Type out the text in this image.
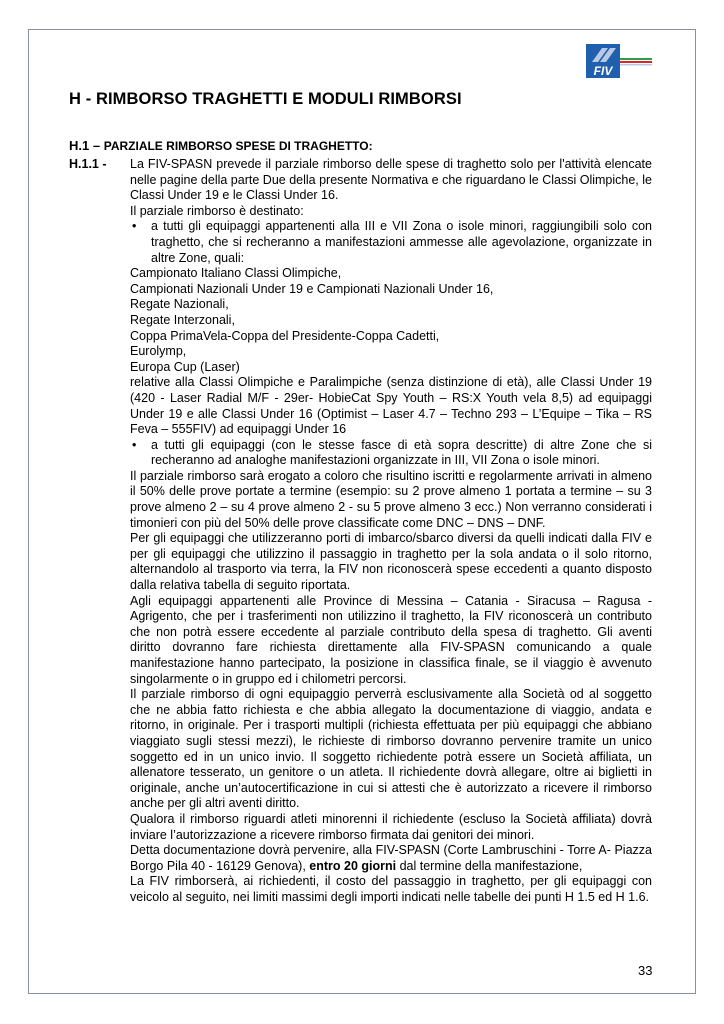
FIV
H - RIMBORSO TRAGHETTI E MODULI RIMBORSI
H.1 – PARZIALE RIMBORSO SPESE DI TRAGHETTO:
H.1.1 - La FIV-SPASN prevede il parziale rimborso delle spese di traghetto solo per l'attività elencate nelle pagine della parte Due della presente Normativa e che riguardano le Classi Olimpiche, le Classi Under 19 e le Classi Under 16.

Il parziale rimborso è destinato:

• a tutti gli equipaggi appartenenti alla III e VII Zona o isole minori, raggiungibili solo con traghetto, che si recheranno a manifestazioni ammesse alle agevolazione, organizzate in altre Zone, quali:

Campionato Italiano Classi Olimpiche,

Campionati Nazionali Under 19 e Campionati Nazionali Under 16,

Regate Nazionali,

Regate Interzonali,

Coppa PrimaVela-Coppa del Presidente-Coppa Cadetti,

Eurolymp,

Europa Cup (Laser)

relative alla Classi Olimpiche e Paralimpiche (senza distinzione di età), alle Classi Under 19 (420 - Laser Radial M/F - 29er- HobieCat Spy Youth – RS:X Youth vela 8,5) ad equipaggi Under 19 e alle Classi Under 16 (Optimist – Laser 4.7 – Techno 293 – L’Equipe – Tika – RS Feva – 555FIV) ad equipaggi Under 16

• a tutti gli equipaggi (con le stesse fasce di età sopra descritte) di altre Zone che si recheranno ad analoghe manifestazioni organizzate in III, VII Zona o isole minori.

Il parziale rimborso sarà erogato a coloro che risultino iscritti e regolarmente arrivati in almeno il 50% delle prove portate a termine (esempio: su 2 prove almeno 1 portata a termine – su 3 prove almeno 2 – su 4 prove almeno 2 - su 5 prove almeno 3 ecc.) Non verranno considerati i timonieri con più del 50% delle prove classificate come DNC – DNS – DNF.

Per gli equipaggi che utilizzeranno porti di imbarco/sbarco diversi da quelli indicati dalla FIV e per gli equipaggi che utilizzino il passaggio in traghetto per la sola andata o il solo ritorno, alternandolo al trasporto via terra, la FIV non riconoscerà spese eccedenti a quanto disposto dalla relativa tabella di seguito riportata.

Agli equipaggi appartenenti alle Province di Messina – Catania - Siracusa – Ragusa - Agrigento, che per i trasferimenti non utilizzino il traghetto, la FIV riconoscerà un contributo che non potrà essere eccedente al parziale contributo della spesa di traghetto. Gli aventi diritto dovranno fare richiesta direttamente alla FIV-SPASN comunicando a quale manifestazione hanno partecipato, la posizione in classifica finale, se il viaggio è avvenuto singolarmente o in gruppo ed i chilometri percorsi.

Il parziale rimborso di ogni equipaggio perverrà esclusivamente alla Società od al soggetto che ne abbia fatto richiesta e che abbia allegato la documentazione di viaggio, andata e ritorno, in originale. Per i trasporti multipli (richiesta effettuata per più equipaggi che abbiano viaggiato sugli stessi mezzi), le richieste di rimborso dovranno pervenire tramite un unico soggetto ed in un unico invio. Il soggetto richiedente potrà essere un Società affiliata, un allenatore tesserato, un genitore o un atleta. Il richiedente dovrà allegare, oltre ai biglietti in originale, anche un’autocertificazione in cui si attesti che è autorizzato a ricevere il rimborso anche per gli altri aventi diritto.

Qualora il rimborso riguardi atleti minorenni il richiedente (escluso la Società affiliata) dovrà inviare l’autorizzazione a ricevere rimborso firmata dai genitori dei minori.

Detta documentazione dovrà pervenire, alla FIV-SPASN (Corte Lambruschini - Torre A- Piazza Borgo Pila 40 - 16129 Genova), entro 20 giorni dal termine della manifestazione,

La FIV rimborserà, ai richiedenti, il costo del passaggio in traghetto, per gli equipaggi con veicolo al seguito, nei limiti massimi degli importi indicati nelle tabelle dei punti H 1.5 ed H 1.6.

33
